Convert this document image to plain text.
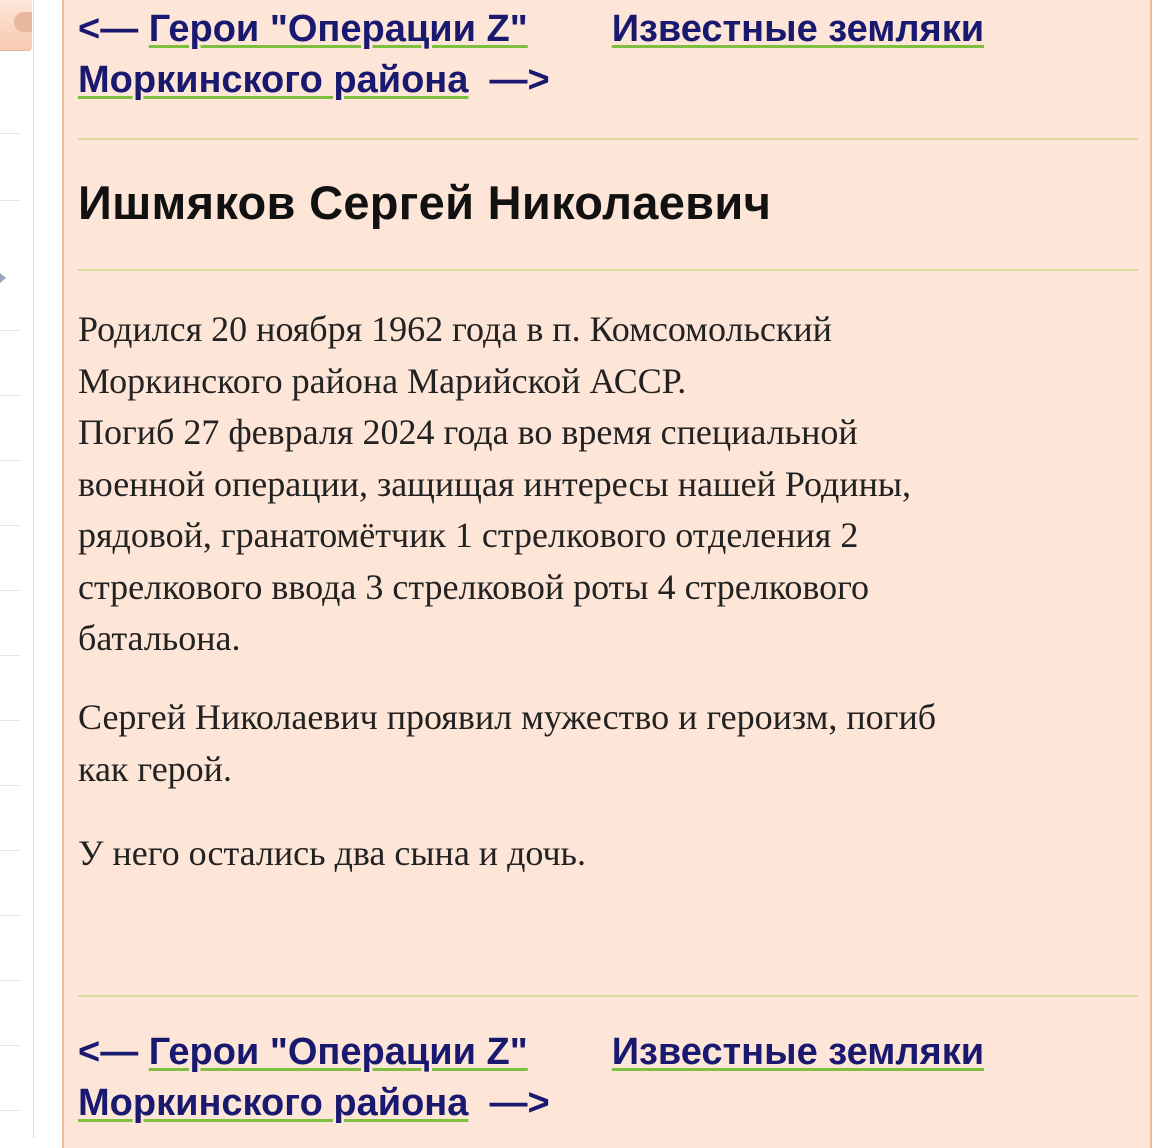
<— Герои "Операции Z" Известные земляки
Моркинского района —>
Ишмяков Сергей Николаевич
Родился 20 ноября 1962 года в п. Комсомольский
Моркинского района Марийской АССР.
Погиб 27 февраля 2024 года во время специальной
военной операции, защищая интересы нашей Родины,
рядовой, гранатомётчик 1 стрелкового отделения 2
стрелкового ввода 3 стрелковой роты 4 стрелкового
батальона.
Сергей Николаевич проявил мужество и героизм, погиб
как герой.
У него остались два сына и дочь.
<— Герои "Операции Z" Известные земляки
Моркинского района —>
